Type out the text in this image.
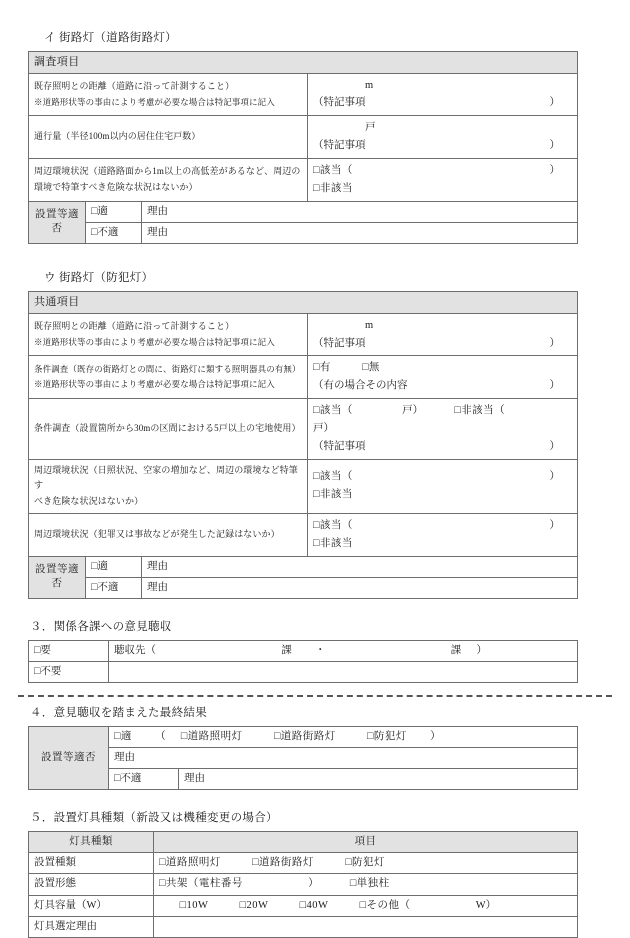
イ 街路灯（道路街路灯）
調査項目			

既存照明との距離（道路に沿って計測すること）
※道路形状等の事由により考慮が必要な場合は特記事項に記入			m
（特記事項 ）

通行量（半径100m以内の居住住宅戸数）			戸
（特記事項 ）

周辺環境状況（道路路面から1m以上の高低差があるなど、周辺の
環境で特筆すべき危険な状況はないか）			□該当（ ）
□非該当

設置等適否	□適	理由	
	□不適	理由	
ウ 街路灯（防犯灯）
共通項目			

既存照明との距離（道路に沿って計測すること）
※道路形状等の事由により考慮が必要な場合は特記事項に記入			m
（特記事項 ）

条件調査（既存の街路灯との間に、街路灯に類する照明器具の有無）
※道路形状等の事由により考慮が必要な場合は特記事項に記入			□有 □無
（有の場合その内容 ）

条件調査（設置箇所から30mの区間における5戸以上の宅地使用）			□該当（ 戸） □非該当（  戸）
（特記事項 ）

周辺環境状況（日照状況、空家の増加など、周辺の環境など特筆す
べき危険な状況はないか）			□該当（ ）
□非該当

周辺環境状況（犯罪又は事故などが発生した記録はないか）			□該当（ ）
□非該当

設置等適否	□適	理由	
	□不適	理由	
３．関係各課への意見聴収
□要	聴収先（ 課 ・ 課 ）
□不要	
４．意見聴収を踏まえた最終結果
設置等適否	□適 （ □道路照明灯 □道路街路灯 □防犯灯 ）	
	理由	
	□不適	理由
５．設置灯具種類（新設又は機種変更の場合）
灯具種類	項目
設置種類	□道路照明灯 □道路街路灯 □防犯灯
設置形態	□共架（電柱番号 ） □単独柱
灯具容量（W）	□10W □20W □40W □その他（ W）
灯具選定理由	
